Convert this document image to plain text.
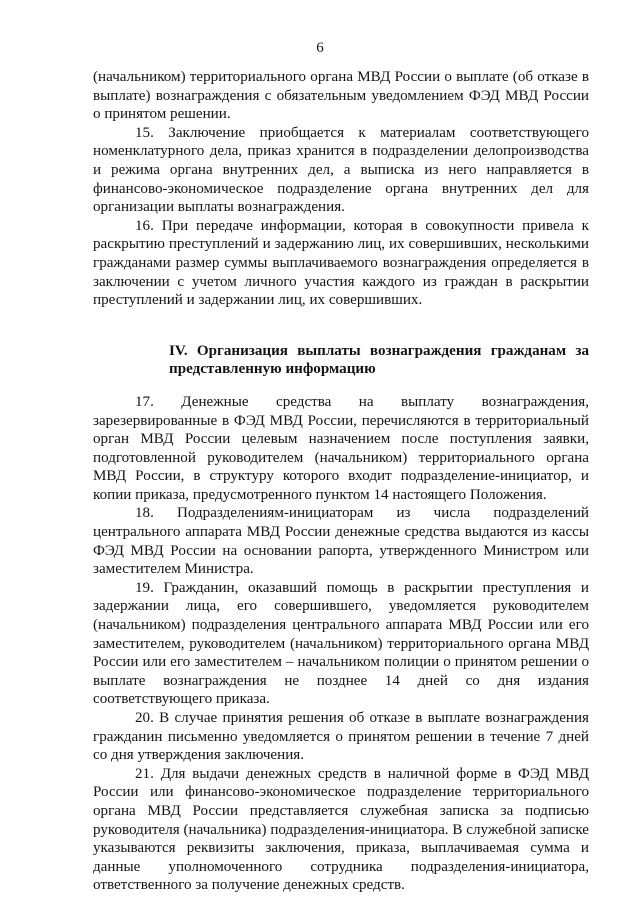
6

(начальником) территориального органа МВД России о выплате (об отказе в выплате) вознаграждения с обязательным уведомлением ФЭД МВД России о принятом решении.

15. Заключение приобщается к материалам соответствующего номенклатурного дела, приказ хранится в подразделении делопроизводства и режима органа внутренних дел, а выписка из него направляется в финансово-экономическое подразделение органа внутренних дел для организации выплаты вознаграждения.

16. При передаче информации, которая в совокупности привела к раскрытию преступлений и задержанию лиц, их совершивших, несколькими гражданами размер суммы выплачиваемого вознаграждения определяется в заключении с учетом личного участия каждого из граждан в раскрытии преступлений и задержании лиц, их совершивших.

IV. Организация выплаты вознаграждения гражданам за представленную информацию

17. Денежные средства на выплату вознаграждения, зарезервированные в ФЭД МВД России, перечисляются в территориальный орган МВД России целевым назначением после поступления заявки, подготовленной руководителем (начальником) территориального органа МВД России, в структуру которого входит подразделение-инициатор, и копии приказа, предусмотренного пунктом 14 настоящего Положения.

18. Подразделениям-инициаторам из числа подразделений центрального аппарата МВД России денежные средства выдаются из кассы ФЭД МВД России на основании рапорта, утвержденного Министром или заместителем Министра.

19. Гражданин, оказавший помощь в раскрытии преступления и задержании лица, его совершившего, уведомляется руководителем (начальником) подразделения центрального аппарата МВД России или его заместителем, руководителем (начальником) территориального органа МВД России или его заместителем – начальником полиции о принятом решении о выплате вознаграждения не позднее 14 дней со дня издания соответствующего приказа.

20. В случае принятия решения об отказе в выплате вознаграждения гражданин письменно уведомляется о принятом решении в течение 7 дней со дня утверждения заключения.

21. Для выдачи денежных средств в наличной форме в ФЭД МВД России или финансово-экономическое подразделение территориального органа МВД России представляется служебная записка за подписью руководителя (начальника) подразделения-инициатора. В служебной записке указываются реквизиты заключения, приказа, выплачиваемая сумма и данные уполномоченного сотрудника подразделения-инициатора, ответственного за получение денежных средств.
